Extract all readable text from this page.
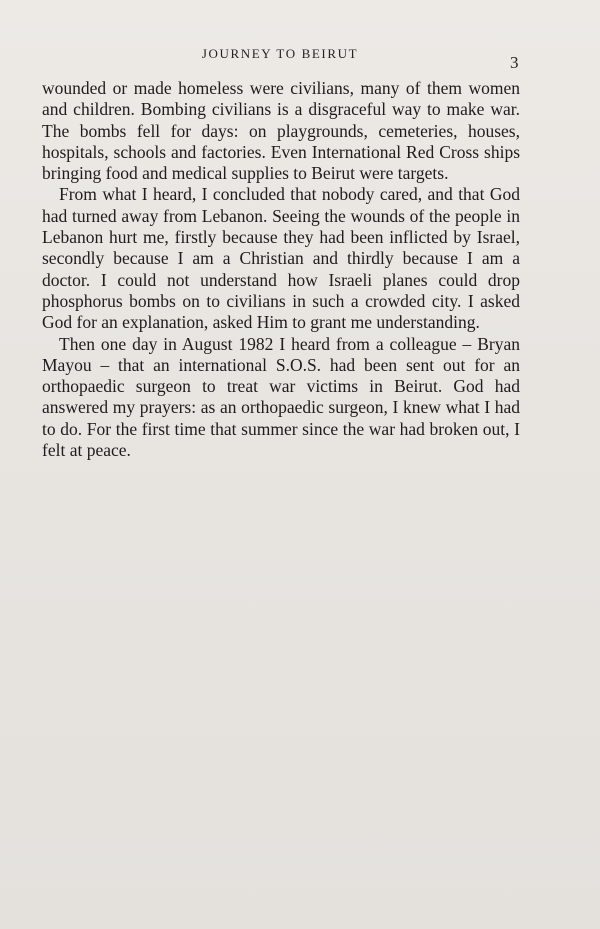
JOURNEY TO BEIRUT	3

wounded or made homeless were civilians, many of them women and children. Bombing civilians is a disgraceful way to make war. The bombs fell for days: on playgrounds, cemeteries, houses, hospitals, schools and factories. Even International Red Cross ships bringing food and medical supplies to Beirut were targets.

From what I heard, I concluded that nobody cared, and that God had turned away from Lebanon. Seeing the wounds of the people in Lebanon hurt me, firstly because they had been inflicted by Israel, secondly because I am a Christian and thirdly because I am a doctor. I could not understand how Israeli planes could drop phosphorus bombs on to civilians in such a crowded city. I asked God for an explanation, asked Him to grant me understanding.

Then one day in August 1982 I heard from a colleague – Bryan Mayou – that an international S.O.S. had been sent out for an orthopaedic surgeon to treat war victims in Beirut. God had answered my prayers: as an orthopaedic surgeon, I knew what I had to do. For the first time that summer since the war had broken out, I felt at peace.
